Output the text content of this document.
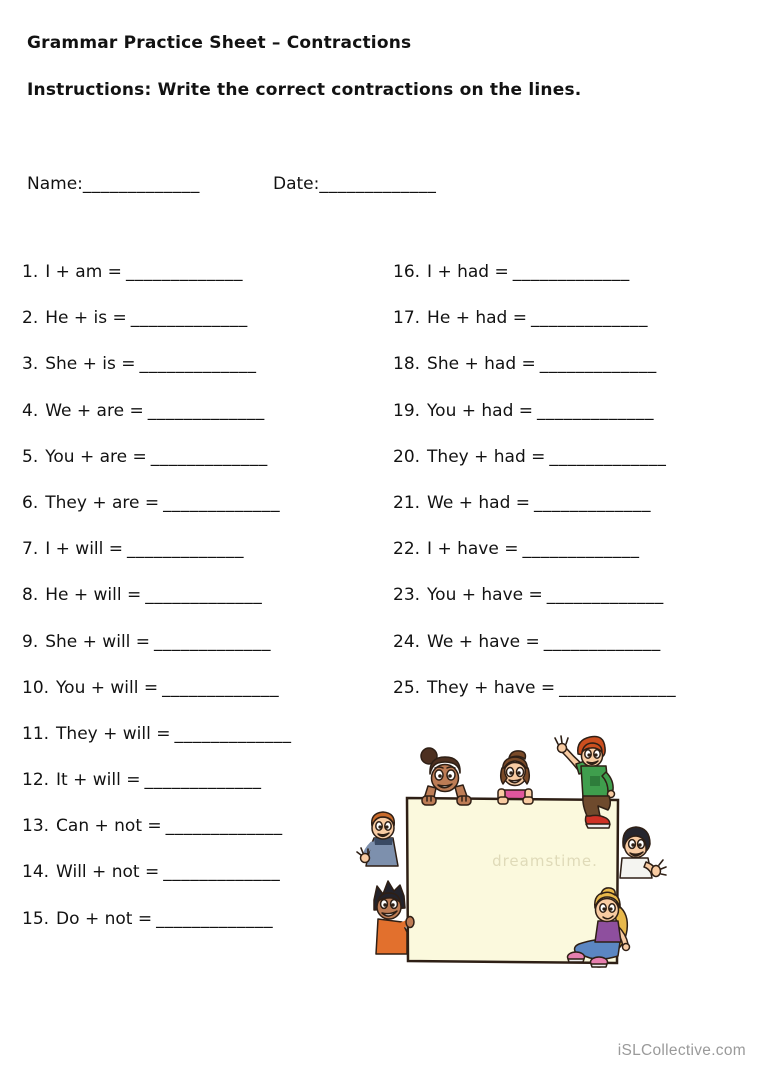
Grammar Practice Sheet – Contractions
Instructions: Write the correct contractions on the lines.
Name:_____________	Date:_____________
1. I + am = _____________
2. He + is = _____________
3. She + is = _____________
4. We + are = _____________
5. You + are = _____________
6. They + are = _____________
7. I + will = _____________
8. He + will = _____________
9. She + will = _____________
10. You + will = _____________
11. They + will = _____________
12. It + will = _____________
13. Can + not = _____________
14. Will + not = _____________
15. Do + not = _____________
16. I + had = _____________
17. He + had = _____________
18. She + had = _____________
19. You + had = _____________
20. They + had = _____________
21. We + had = _____________
22. I + have = _____________
23. You + have = _____________
24. We + have = _____________
25. They + have = _____________
dreamstime.
iSLCollective.com
